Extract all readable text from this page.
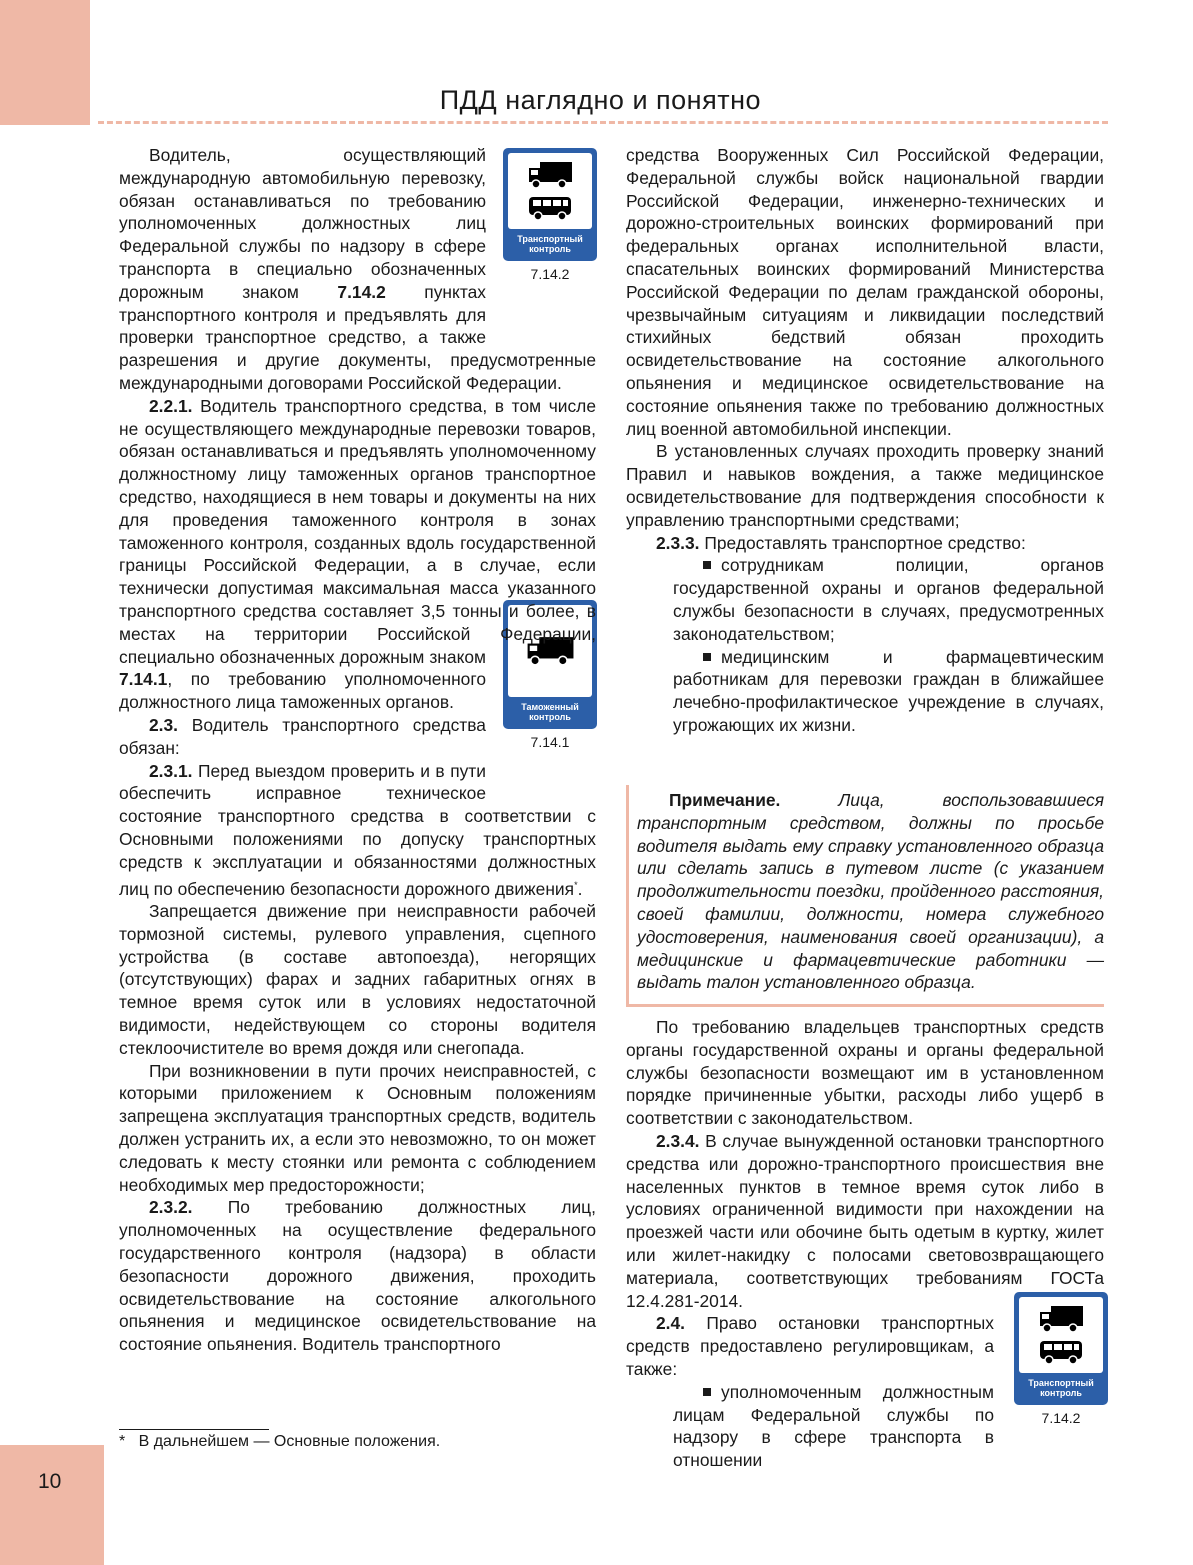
10
ПДД наглядно и понятно
Транспортный контроль
7.14.2
Таможенный контроль
7.14.1
Транспортный контроль
7.14.2

Водитель, осуществляющий международную автомобильную перевозку, обязан останавливаться по требованию уполномоченных должностных лиц Федеральной службы по надзору в сфере транспорта в специально обозначенных дорожным знаком 7.14.2 пунктах транспортного контроля и предъявлять для проверки транспортное средство, а также разрешения и другие документы, предусмотренные международными договорами Российской Федерации.

2.2.1. Водитель транспортного средства, в том числе не осуществляющего международные перевозки товаров, обязан останавливаться и предъявлять уполномоченному должностному лицу таможенных органов транспортное средство, находящиеся в нем товары и документы на них для проведения таможенного контроля в зонах таможенного контроля, созданных вдоль государственной границы Российской Федерации, а в случае, если технически допустимая максимальная масса указанного транспортного средства составляет 3,5 тонны и более, в местах на территории Российской Федерации, специально обозначенных дорожным знаком
7.14.1, по требованию уполномоченного должностного лица таможенных органов.

2.3. Водитель транспортного средства обязан:

2.3.1. Перед выездом проверить и в пути обеспечить исправное техническое состояние транспортного средства в соответствии с Основными положениями по допуску транспортных средств к эксплуатации и обязанностями должностных лиц по обеспечению безопасности дорожного движения*.

Запрещается движение при неисправности рабочей тормозной системы, рулевого управления, сцепного устройства (в составе автопоезда), негорящих (отсутствующих) фарах и задних габаритных огнях в темное время суток или в условиях недостаточной видимости, недействующем со стороны водителя стеклоочистителе во время дождя или снегопада.

При возникновении в пути прочих неисправностей, с которыми приложением к Основным положениям запрещена эксплуатация транспортных средств, водитель должен устранить их, а если это невозможно, то он может следовать к месту стоянки или ремонта с соблюдением необходимых мер предосторожности;

2.3.2. По требованию должностных лиц, уполномоченных на осуществление федерального государственного контроля (надзора) в области безопасности дорожного движения, проходить освидетельствование на состояние алкогольного опьянения и медицинское освидетельствование на состояние опьянения. Водитель транспортного

средства Вооруженных Сил Российской Федерации, Федеральной службы войск национальной гвардии Российской Федерации, инженерно-технических и дорожно-строительных воинских формирований при федеральных органах исполнительной власти, спасательных воинских формирований Министерства Российской Федерации по делам гражданской обороны, чрезвычайным ситуациям и ликвидации последствий стихийных бедствий обязан проходить освидетельствование на состояние алкогольного опьянения и медицинское освидетельствование на состояние опьянения также по требованию должностных лиц военной автомобильной инспекции.

В установленных случаях проходить проверку знаний Правил и навыков вождения, а также медицинское освидетельствование для подтверждения способности к управлению транспортными средствами;

2.3.3. Предоставлять транспортное средство:

сотрудникам полиции, органов государственной охраны и органов федеральной службы безопасности в случаях, предусмотренных законодательством;

медицинским и фармацевтическим работникам для перевозки граждан в ближайшее лечебно-профилактическое учреждение в случаях, угрожающих их жизни.

Примечание.	Лица, воспользовавшиеся транспортным средством, должны по просьбе водителя выдать ему справку установленного образца или сделать запись в путевом листе (с указанием продолжительности поездки, пройденного расстояния, своей фамилии, должности, номера служебного удостоверения, наименования своей организации), а медицинские и фармацевтические работники — выдать талон установленного образца.

По требованию владельцев транспортных средств органы государственной охраны и органы федеральной службы безопасности возмещают им в установленном порядке причиненные убытки, расходы либо ущерб в соответствии с законодательством.

2.3.4. В случае вынужденной остановки транспортного средства или дорожно-транспортного происшествия вне населенных пунктов в темное время суток либо в условиях ограниченной видимости при нахождении на проезжей части или обочине быть одетым в куртку, жилет или жилет-накидку с полосами световозвращающего материала, соответствующих требованиям ГОСТа 12.4.281-2014.

2.4. Право остановки транспортных средств предоставлено регулировщикам, а также:

уполномоченным должностным лицам Федеральной службы по надзору в сфере транспорта в отношении

* В дальнейшем — Основные положения.
